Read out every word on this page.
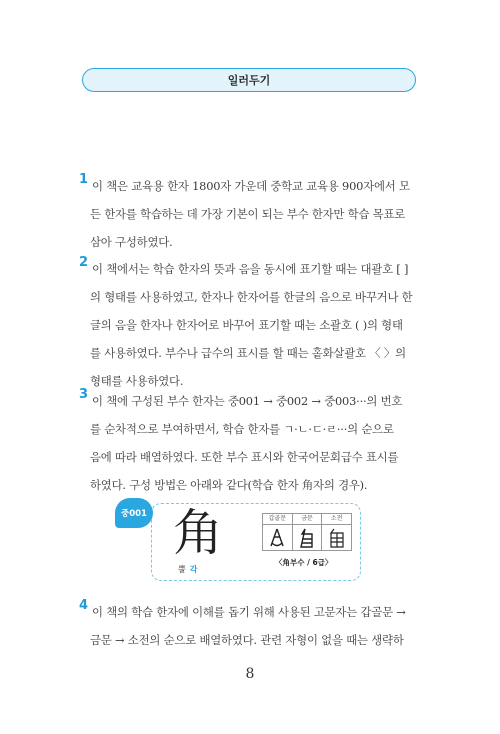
일러두기
1 이 책은 교육용 한자 1800자 가운데 중학교 교육용 900자에서 모
든 한자를 학습하는 데 가장 기본이 되는 부수 한자만 학습 목표로
삼아 구성하였다.
2 이 책에서는 학습 한자의 뜻과 음을 동시에 표기할 때는 대괄호 [ ]
의 형태를 사용하였고, 한자나 한자어를 한글의 음으로 바꾸거나 한
글의 음을 한자나 한자어로 바꾸어 표기할 때는 소괄호 ( )의 형태
를 사용하였다. 부수나 급수의 표시를 할 때는 홑화살괄호 〈 〉의
형태를 사용하였다.
3 이 책에 구성된 부수 한자는 중001 → 중002 → 중003···의 번호
를 순차적으로 부여하면서, 학습 한자를 ㄱ·ㄴ·ㄷ·ㄹ···의 순으로
음에 따라 배열하였다. 또한 부수 표시와 한국어문회급수 표시를
하였다. 구성 방법은 아래와 같다(학습 한자 角자의 경우).
중001 角
뿔 각
갑골문	금문	소전
〈角부수 / 6급〉
4 이 책의 학습 한자에 이해를 돕기 위해 사용된 고문자는 갑골문 →
금문 → 소전의 순으로 배열하였다. 관련 자형이 없을 때는 생략하
8
